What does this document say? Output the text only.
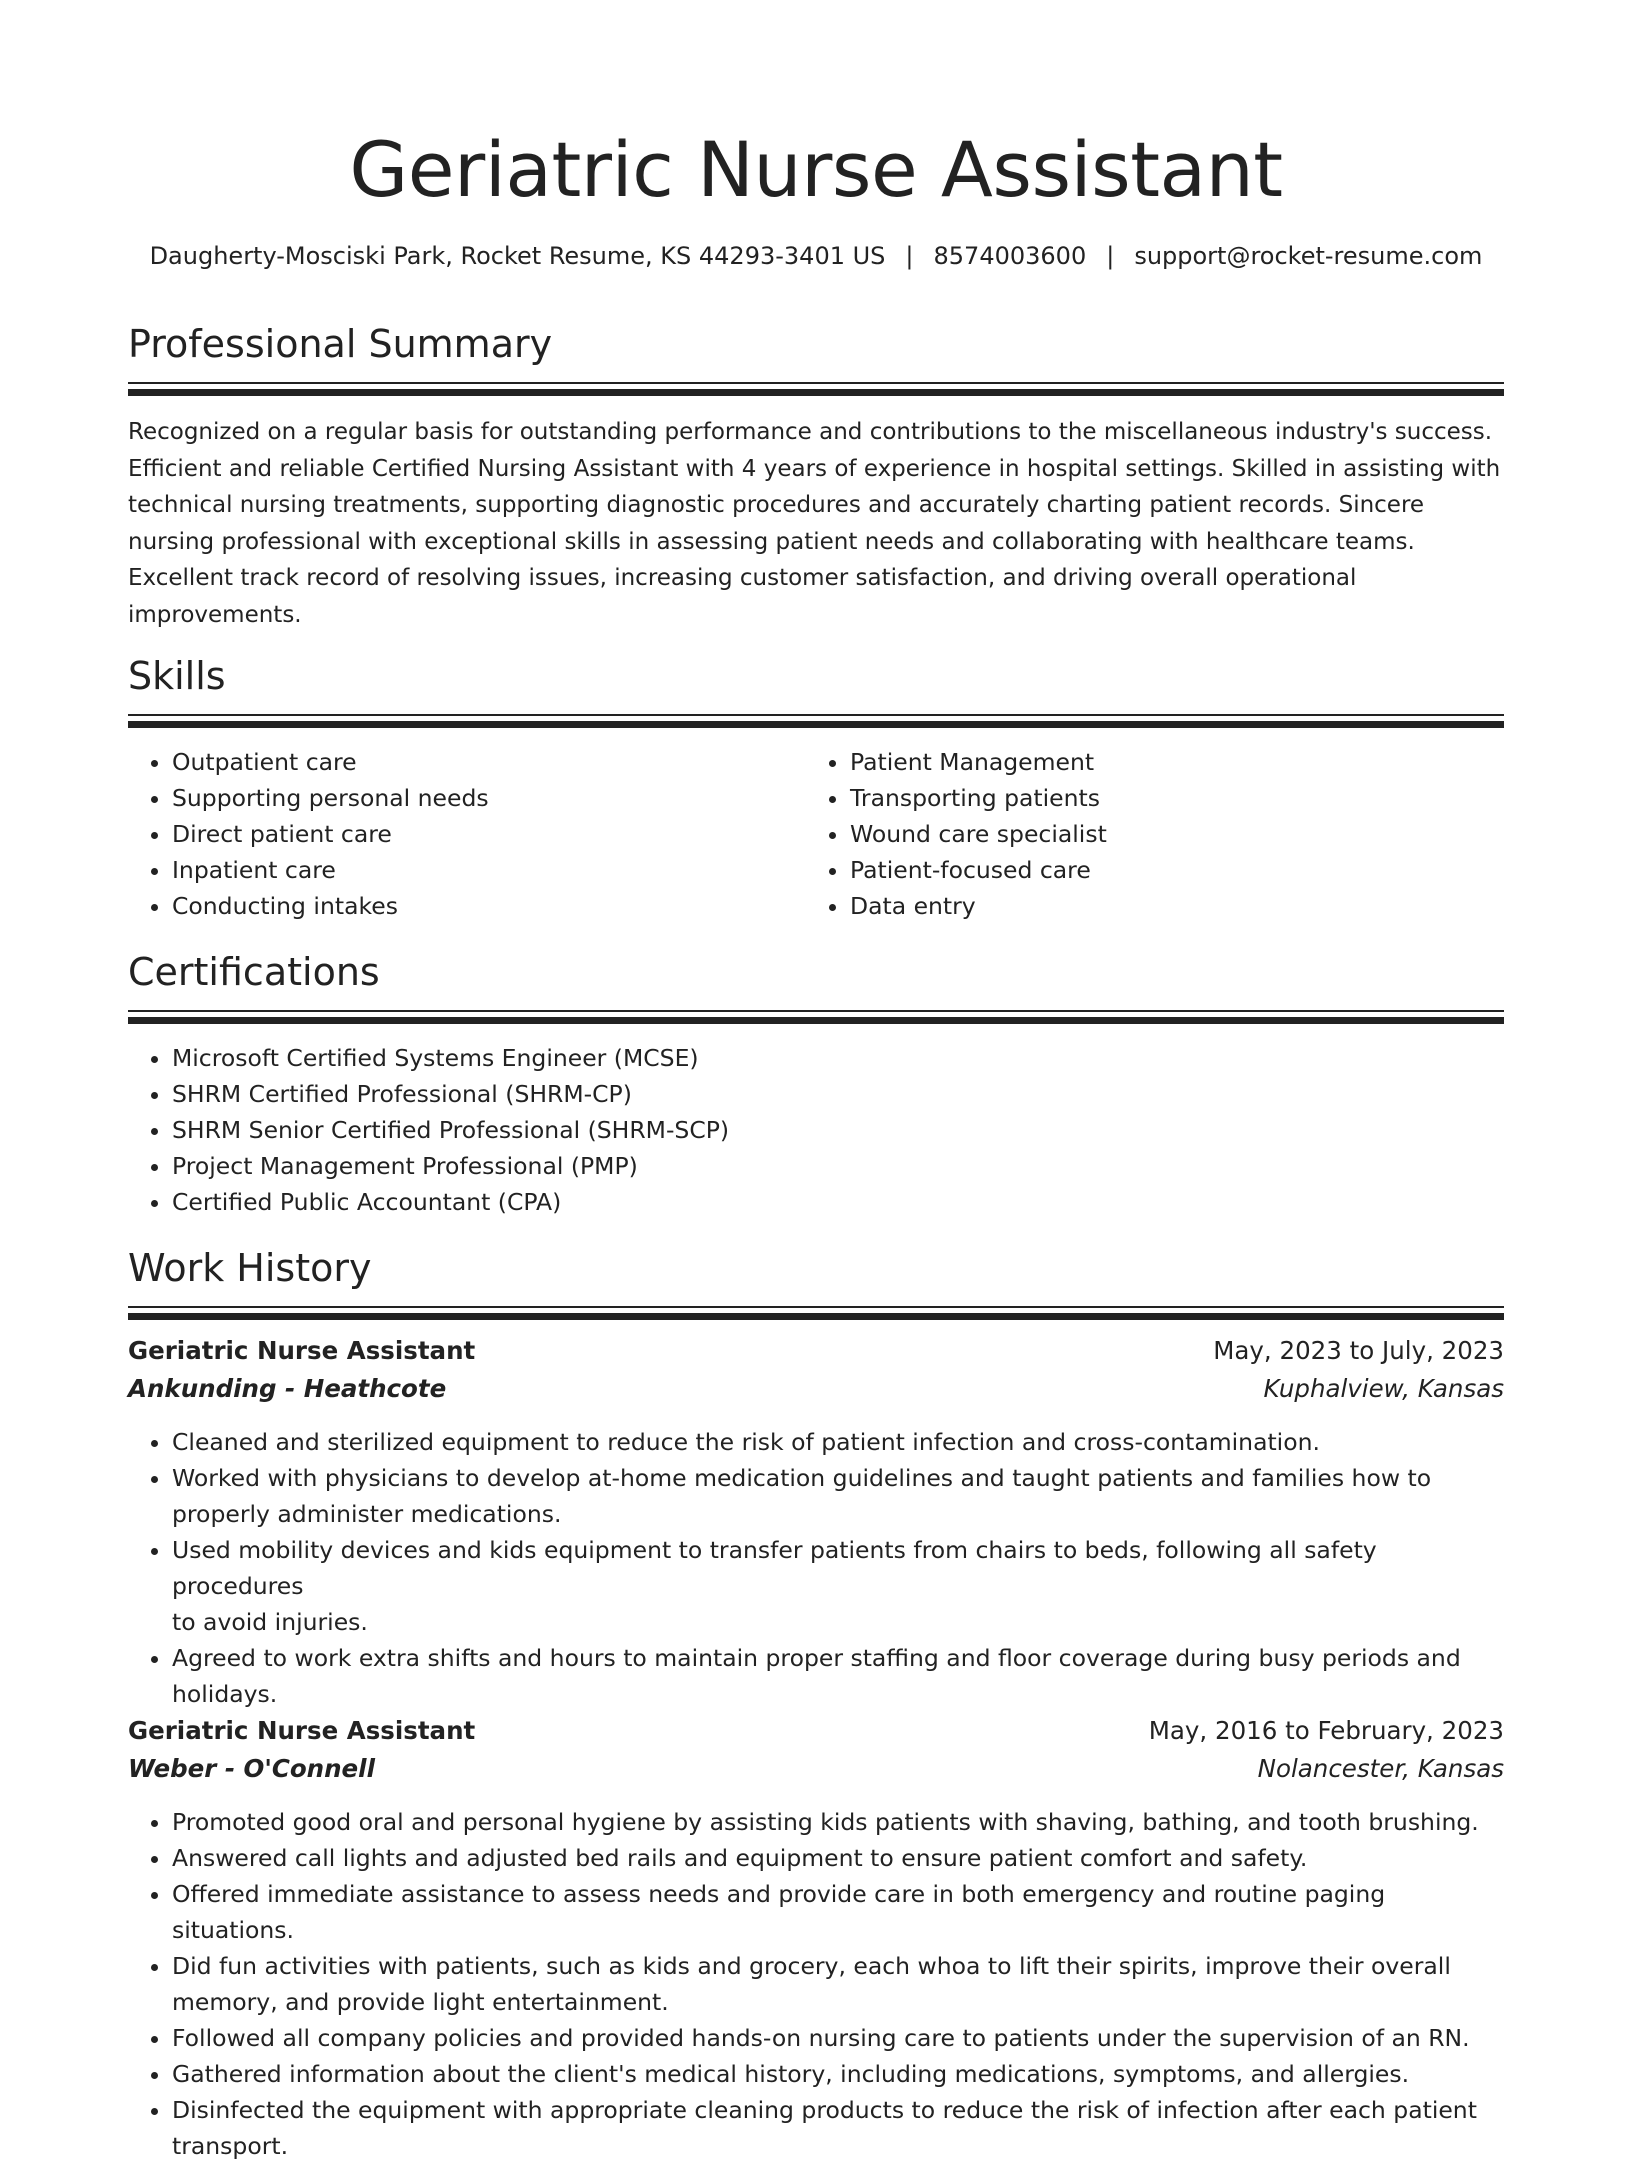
Geriatric Nurse Assistant
Daugherty-Mosciski Park, Rocket Resume, KS 44293-3401 US | 8574003600 | support@rocket-resume.com
Professional Summary

Recognized on a regular basis for outstanding performance and contributions to the miscellaneous industry's success.
Efficient and reliable Certified Nursing Assistant with 4 years of experience in hospital settings. Skilled in assisting with
technical nursing treatments, supporting diagnostic procedures and accurately charting patient records. Sincere
nursing professional with exceptional skills in assessing patient needs and collaborating with healthcare teams.
Excellent track record of resolving issues, increasing customer satisfaction, and driving overall operational
improvements.

Skills
• Outpatient care
• Supporting personal needs
• Direct patient care
• Inpatient care
• Conducting intakes
• Patient Management
• Transporting patients
• Wound care specialist
• Patient-focused care
• Data entry
Certifications
• Microsoft Certified Systems Engineer (MCSE)
• SHRM Certified Professional (SHRM-CP)
• SHRM Senior Certified Professional (SHRM-SCP)
• Project Management Professional (PMP)
• Certified Public Accountant (CPA)
Work History
Geriatric Nurse Assistant	May, 2023 to July, 2023
Ankunding - Heathcote	Kuphalview, Kansas
• Cleaned and sterilized equipment to reduce the risk of patient infection and cross-contamination.
• Worked with physicians to develop at-home medication guidelines and taught patients and families how to
properly administer medications.
• Used mobility devices and kids equipment to transfer patients from chairs to beds, following all safety procedures
to avoid injuries.
• Agreed to work extra shifts and hours to maintain proper staffing and floor coverage during busy periods and
holidays.
Geriatric Nurse Assistant	May, 2016 to February, 2023
Weber - O'Connell	Nolancester, Kansas
• Promoted good oral and personal hygiene by assisting kids patients with shaving, bathing, and tooth brushing.
• Answered call lights and adjusted bed rails and equipment to ensure patient comfort and safety.
• Offered immediate assistance to assess needs and provide care in both emergency and routine paging situations.
• Did fun activities with patients, such as kids and grocery, each whoa to lift their spirits, improve their overall
memory, and provide light entertainment.
• Followed all company policies and provided hands-on nursing care to patients under the supervision of an RN.
• Gathered information about the client's medical history, including medications, symptoms, and allergies.
• Disinfected the equipment with appropriate cleaning products to reduce the risk of infection after each patient
transport.
